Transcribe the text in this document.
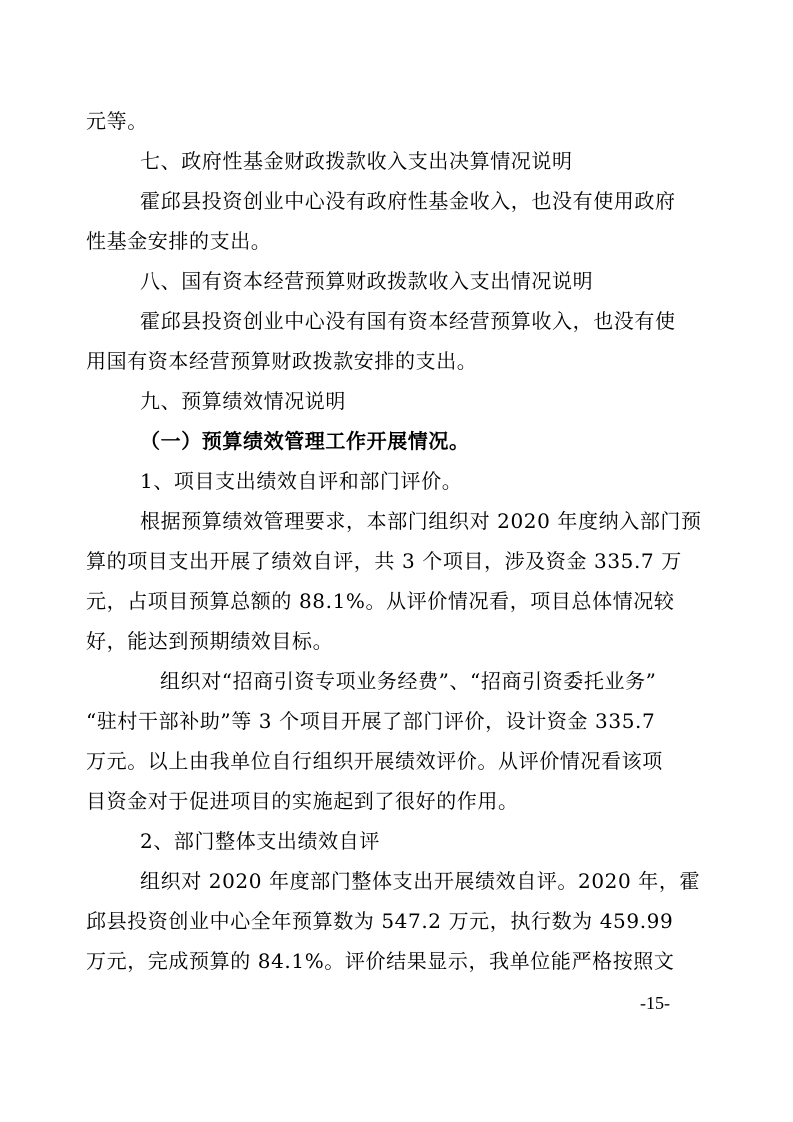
元等。
七、政府性基金财政拨款收入支出决算情况说明
霍邱县投资创业中心没有政府性基金收入，也没有使用政府
性基金安排的支出。
八、国有资本经营预算财政拨款收入支出情况说明
霍邱县投资创业中心没有国有资本经营预算收入，也没有使
用国有资本经营预算财政拨款安排的支出。
九、预算绩效情况说明
（一）预算绩效管理工作开展情况。
1、项目支出绩效自评和部门评价。
根据预算绩效管理要求，本部门组织对 2020 年度纳入部门预
算的项目支出开展了绩效自评，共 3 个项目，涉及资金 335.7 万
元，占项目预算总额的 88.1%。从评价情况看，项目总体情况较
好，能达到预期绩效目标。
组织对“招商引资专项业务经费”、“招商引资委托业务”
“驻村干部补助”等 3 个项目开展了部门评价，设计资金 335.7
万元。以上由我单位自行组织开展绩效评价。从评价情况看该项
目资金对于促进项目的实施起到了很好的作用。
2、部门整体支出绩效自评
组织对 2020 年度部门整体支出开展绩效自评。2020 年，霍
邱县投资创业中心全年预算数为 547.2 万元，执行数为 459.99
万元，完成预算的 84.1%。评价结果显示，我单位能严格按照文
-15-
